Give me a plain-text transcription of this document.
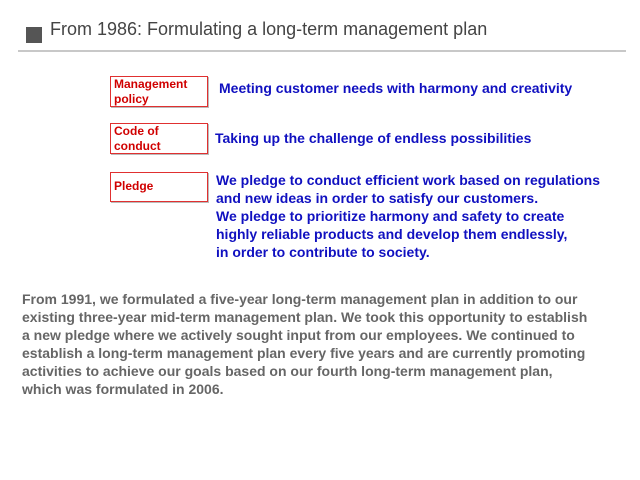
From 1986: Formulating a long-term management plan
Management
policy
Meeting customer needs with harmony and creativity
Code of
conduct	Taking up the challenge of endless possibilities
Pledge	We pledge to conduct efficient work based on regulations
and new ideas in order to satisfy our customers.
We pledge to prioritize harmony and safety to create
highly reliable products and develop them endlessly,
in order to contribute to society.
From 1991, we formulated a five-year long-term management plan in addition to our
existing three-year mid-term management plan. We took this opportunity to establish
a new pledge where we actively sought input from our employees. We continued to
establish a long-term management plan every five years and are currently promoting
activities to achieve our goals based on our fourth long-term management plan,
which was formulated in 2006.
